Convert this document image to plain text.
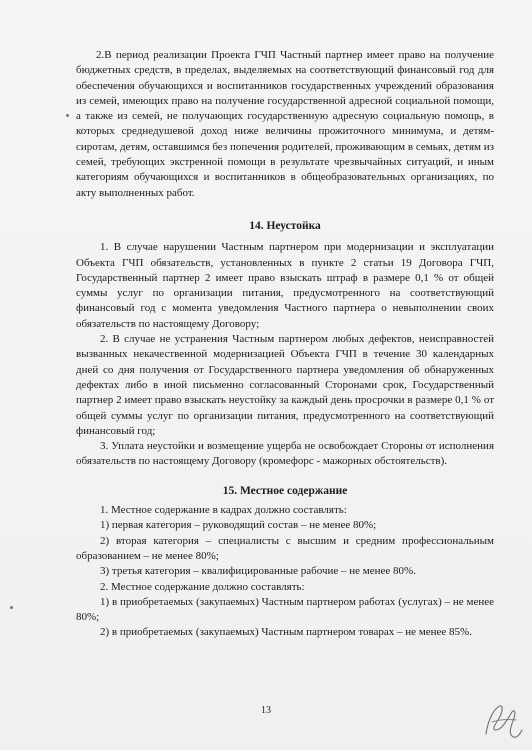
2.В период реализации Проекта ГЧП Частный партнер имеет право на получение бюджетных средств, в пределах, выделяемых на соответствующий финансовый год для обеспечения обучающихся и воспитанников государственных учреждений образования из семей, имеющих право на получение государственной адресной социальной помощи, а также из семей, не получающих государственную адресную социальную помощь, в которых среднедушевой доход ниже величины прожиточного минимума, и детям-сиротам, детям, оставшимся без попечения родителей, проживающим в семьях, детям из семей, требующих экстренной помощи в результате чрезвычайных ситуаций, и иным категориям обучающихся и воспитанников в общеобразовательных организациях, по акту выполненных работ.

14. Неустойка

1. В случае нарушении Частным партнером при модернизации и эксплуатации Объекта ГЧП обязательств, установленных в пункте 2 статьи 19 Договора ГЧП, Государственный партнер 2 имеет право взыскать штраф в размере 0,1 % от общей суммы услуг по организации питания, предусмотренного на соответствующий финансовый год с момента уведомления Частного партнера о невыполнении своих обязательств по настоящему Договору;

2. В случае не устранения Частным партнером любых дефектов, неисправностей вызванных некачественной модернизацией Объекта ГЧП в течение 30 календарных дней со дня получения от Государственного партнера уведомления об обнаруженных дефектах либо в иной письменно согласованный Сторонами срок, Государственный партнер 2 имеет право взыскать неустойку за каждый день просрочки в размере 0,1 % от общей суммы услуг по организации питания, предусмотренного на соответствующий финансовый год;

3. Уплата неустойки и возмещение ущерба не освобождает Стороны от исполнения обязательств по настоящему Договору (кромефорс - мажорных обстоятельств).

15. Местное содержание

1. Местное содержание в кадрах должно составлять:

1) первая категория – руководящий состав – не менее 80%;

2) вторая категория – специалисты с высшим и средним профессиональным образованием – не менее 80%;

3) третья категория – квалифицированные рабочие – не менее 80%.

2. Местное содержание должно составлять:

1) в приобретаемых (закупаемых) Частным партнером работах (услугах) – не менее 80%;

2) в приобретаемых (закупаемых) Частным партнером товарах – не менее 85%.

13
